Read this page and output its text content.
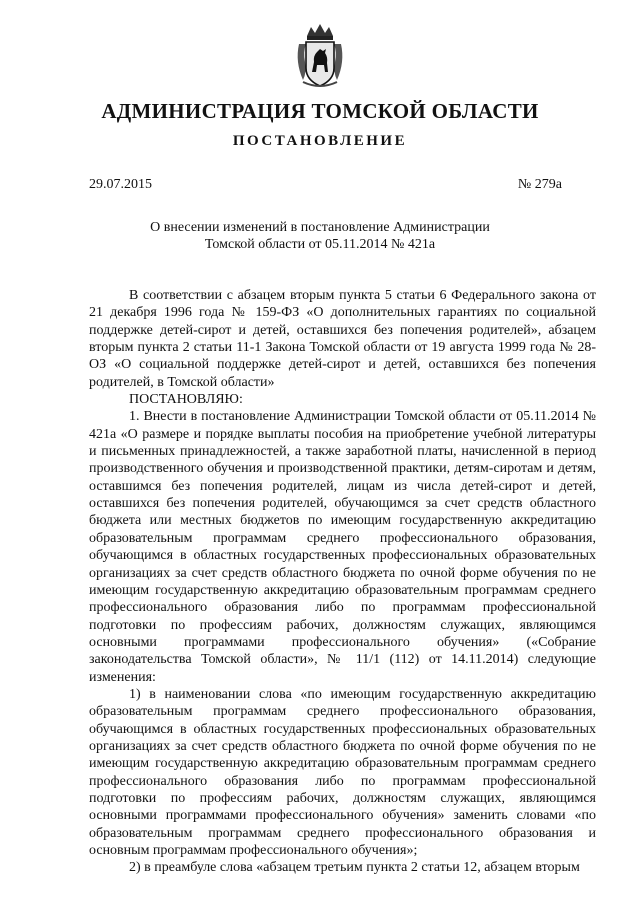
АДМИНИСТРАЦИЯ ТОМСКОЙ ОБЛАСТИ
ПОСТАНОВЛЕНИЕ
29.07.2015	№ 279а
О внесении изменений в постановление Администрации
Томской области от 05.11.2014 № 421а

В соответствии с абзацем вторым пункта 5 статьи 6 Федерального закона от 21 декабря 1996 года № 159-ФЗ «О дополнительных гарантиях по социальной поддержке детей-сирот и детей, оставшихся без попечения родителей», абзацем вторым пункта 2 статьи 11-1 Закона Томской области от 19 августа 1999 года № 28-ОЗ «О социальной поддержке детей-сирот и детей, оставшихся без попечения родителей, в Томской области»

ПОСТАНОВЛЯЮ:

1. Внести в постановление Администрации Томской области от 05.11.2014 № 421а «О размере и порядке выплаты пособия на приобретение учебной литературы и письменных принадлежностей, а также заработной платы, начисленной в период производственного обучения и производственной практики, детям-сиротам и детям, оставшимся без попечения родителей, лицам из числа детей-сирот и детей, оставшихся без попечения родителей, обучающимся за счет средств областного бюджета или местных бюджетов по имеющим государственную аккредитацию образовательным программам среднего профессионального образования, обучающимся в областных государственных профессиональных образовательных организациях за счет средств областного бюджета по очной форме обучения по не имеющим государственную аккредитацию образовательным программам среднего профессионального образования либо по программам профессиональной подготовки по профессиям рабочих, должностям служащих, являющимся основными программами профессионального обучения» («Собрание законодательства Томской области», № 11/1 (112) от 14.11.2014) следующие изменения:

1) в наименовании слова «по имеющим государственную аккредитацию образовательным программам среднего профессионального образования, обучающимся в областных государственных профессиональных образовательных организациях за счет средств областного бюджета по очной форме обучения по не имеющим государственную аккредитацию образовательным программам среднего профессионального образования либо по программам профессиональной подготовки по профессиям рабочих, должностям служащих, являющимся основными программами профессионального обучения» заменить словами «по образовательным программам среднего профессионального образования и основным программам профессионального обучения»;

2) в преамбуле слова «абзацем третьим пункта 2 статьи 12, абзацем вторым
